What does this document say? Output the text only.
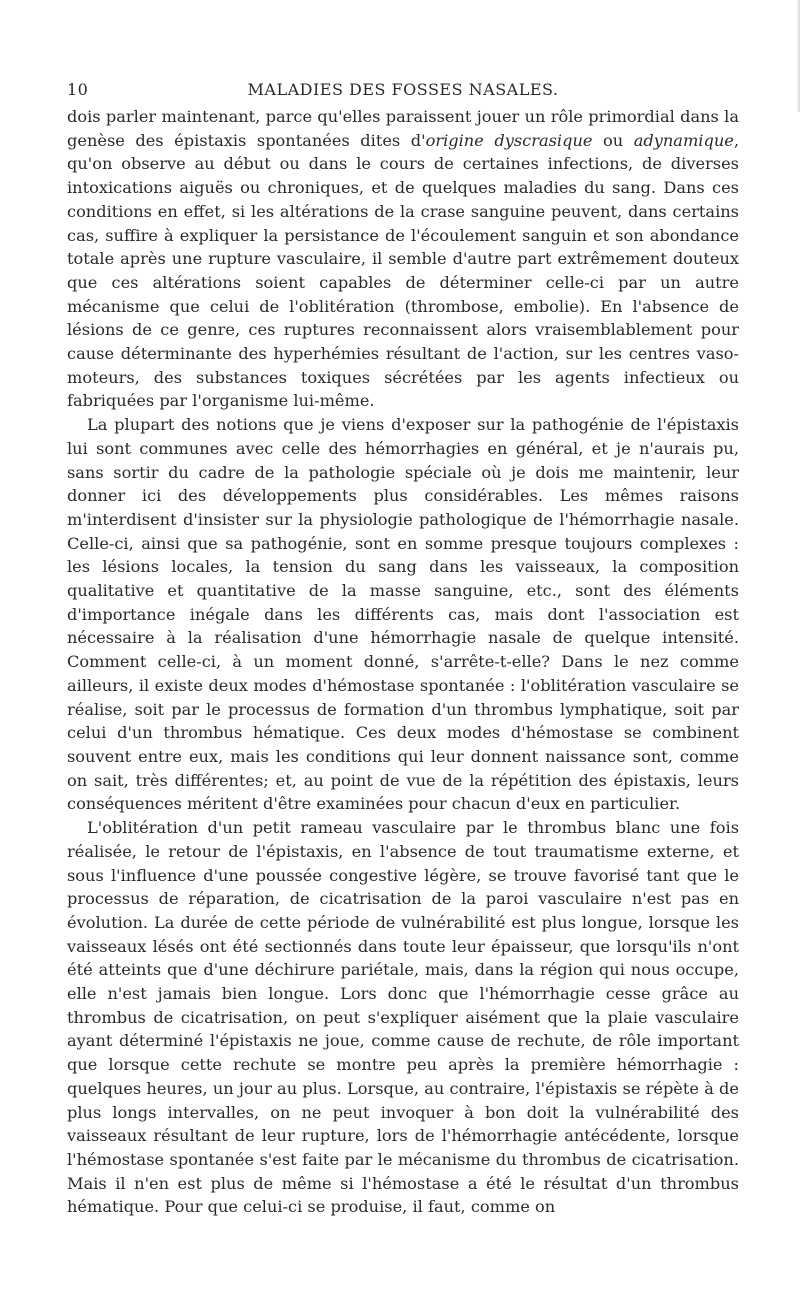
10	MALADIES DES FOSSES NASALES.

dois parler maintenant, parce qu'elles paraissent jouer un rôle primordial dans la genèse des épistaxis spontanées dites d'origine dyscrasique ou adynamique, qu'on observe au début ou dans le cours de certaines infections, de diverses intoxications aiguës ou chroniques, et de quelques maladies du sang. Dans ces conditions en effet, si les altérations de la crase sanguine peuvent, dans certains cas, suffire à expliquer la persistance de l'écoulement sanguin et son abondance totale après une rupture vasculaire, il semble d'autre part extrêmement douteux que ces altérations soient capables de déterminer celle-ci par un autre mécanisme que celui de l'oblitération (thrombose, embolie). En l'absence de lésions de ce genre, ces ruptures reconnaissent alors vraisemblablement pour cause déterminante des hyperhémies résultant de l'action, sur les centres vaso-moteurs, des substances toxiques sécrétées par les agents infectieux ou fabriquées par l'organisme lui-même.

La plupart des notions que je viens d'exposer sur la pathogénie de l'épistaxis lui sont communes avec celle des hémorrhagies en général, et je n'aurais pu, sans sortir du cadre de la pathologie spéciale où je dois me maintenir, leur donner ici des développements plus considérables. Les mêmes raisons m'interdisent d'insister sur la physiologie pathologique de l'hémorrhagie nasale. Celle-ci, ainsi que sa pathogénie, sont en somme presque toujours complexes : les lésions locales, la tension du sang dans les vaisseaux, la composition qualitative et quantitative de la masse sanguine, etc., sont des éléments d'importance inégale dans les différents cas, mais dont l'association est nécessaire à la réalisation d'une hémorrhagie nasale de quelque intensité. Comment celle-ci, à un moment donné, s'arrête-t-elle? Dans le nez comme ailleurs, il existe deux modes d'hémostase spontanée : l'oblitération vasculaire se réalise, soit par le processus de formation d'un thrombus lymphatique, soit par celui d'un thrombus hématique. Ces deux modes d'hémostase se combinent souvent entre eux, mais les conditions qui leur donnent naissance sont, comme on sait, très différentes; et, au point de vue de la répétition des épistaxis, leurs conséquences méritent d'être examinées pour chacun d'eux en particulier.

L'oblitération d'un petit rameau vasculaire par le thrombus blanc une fois réalisée, le retour de l'épistaxis, en l'absence de tout traumatisme externe, et sous l'influence d'une poussée congestive légère, se trouve favorisé tant que le processus de réparation, de cicatrisation de la paroi vasculaire n'est pas en évolution. La durée de cette période de vulnérabilité est plus longue, lorsque les vaisseaux lésés ont été sectionnés dans toute leur épaisseur, que lorsqu'ils n'ont été atteints que d'une déchirure pariétale, mais, dans la région qui nous occupe, elle n'est jamais bien longue. Lors donc que l'hémorrhagie cesse grâce au thrombus de cicatrisation, on peut s'expliquer aisément que la plaie vasculaire ayant déterminé l'épistaxis ne joue, comme cause de rechute, de rôle important que lorsque cette rechute se montre peu après la première hémorrhagie : quelques heures, un jour au plus. Lorsque, au contraire, l'épistaxis se répète à de plus longs intervalles, on ne peut invoquer à bon doit la vulnérabilité des vaisseaux résultant de leur rupture, lors de l'hémorrhagie antécédente, lorsque l'hémostase spontanée s'est faite par le mécanisme du thrombus de cicatrisation. Mais il n'en est plus de même si l'hémostase a été le résultat d'un thrombus hématique. Pour que celui-ci se produise, il faut, comme on
